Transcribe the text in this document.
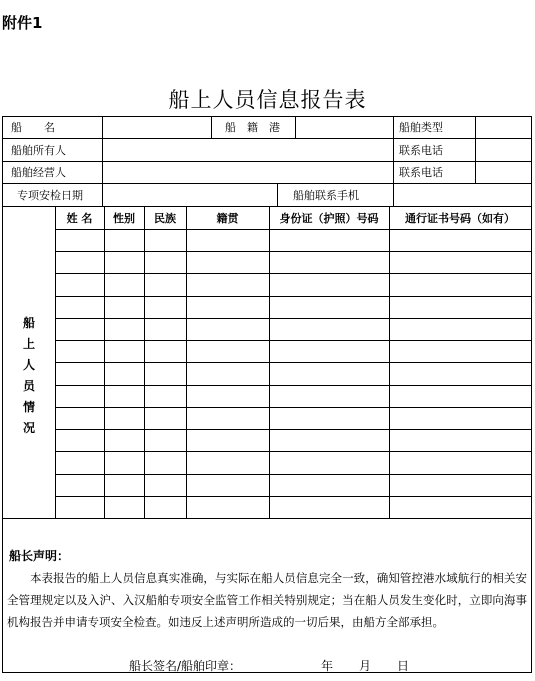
附件1
船上人员信息报告表
船　　名	船　籍　港	船舶类型
船舶所有人	联系电话
船舶经营人	联系电话
专项安检日期	船舶联系手机
姓 名	性别	民族	籍贯	身份证（护照）号码	通行证书号码（如有）
船
上
人
员
情
况
船长声明：
本表报告的船上人员信息真实准确，与实际在船人员信息完全一致，确知管控港水域航行的相关安全管理规定以及入沪、入汉船舶专项安全监管工作相关特别规定；当在船人员发生变化时，立即向海事机构报告并申请专项安全检查。如违反上述声明所造成的一切后果，由船方全部承担。
船长签名/船舶印章：	年 月 日
